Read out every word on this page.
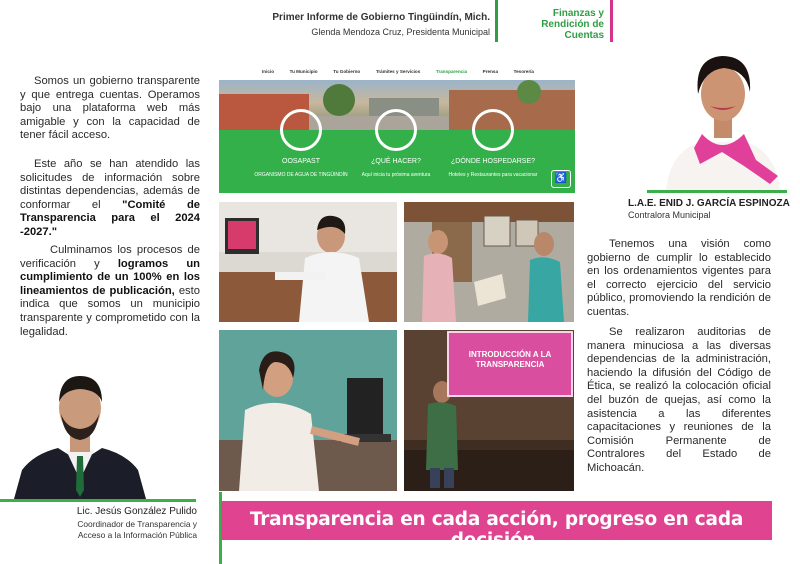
Primer Informe de Gobierno Tingüindín, Mich.
Glenda Mendoza Cruz, Presidenta Municipal
Finanzas y
Rendición de
Cuentas
Somos un gobierno transparente y que entrega cuentas. Operamos bajo una plataforma web más amigable y con la capacidad de tener fácil acceso.
Este año se han atendido las solicitudes de información sobre distintas dependencias, además de conformar el "Comité de Transparencia para el 2024 -2027."
Culminamos los procesos de verificación y logramos un cumplimiento de un 100% en los lineamientos de publicación, esto indica que somos un municipio transparente y comprometido con la legalidad.
Lic. Jesús González Pulido
Coordinador de Transparencia y
Acceso a la Información Pública
Inicio	Tu Municipio	Tu Gobierno	Trámites y Servicios	Transparencia	Prensa	Tesorería
OOSAPAST	¿QUÉ HACER?	¿DÓNDE HOSPEDARSE?
ORGANISMO DE AGUA DE TINGÜINDÍN	Aquí inicia tu próxima aventura	Hoteles y Restaurantes para vacacionar	♿
INTRODUCCIÓN A LA TRANSPARENCIA
L.A.E. ENID J. GARCÍA ESPINOZA
Contralora Municipal
Tenemos una visión como gobierno de cumplir lo establecido en los ordenamientos vigentes para el correcto ejercicio del servicio público, promoviendo la rendición de cuentas.
Se realizaron auditorias de manera minuciosa a las diversas dependencias de la administración, haciendo la difusión del Código de Ética, se realizó la colocación oficial del buzón de quejas, así como la asistencia a las diferentes capacitaciones y reuniones de la Comisión Permanente de Contralores del Estado de Michoacán.
Transparencia en cada acción, progreso en cada decisión.
